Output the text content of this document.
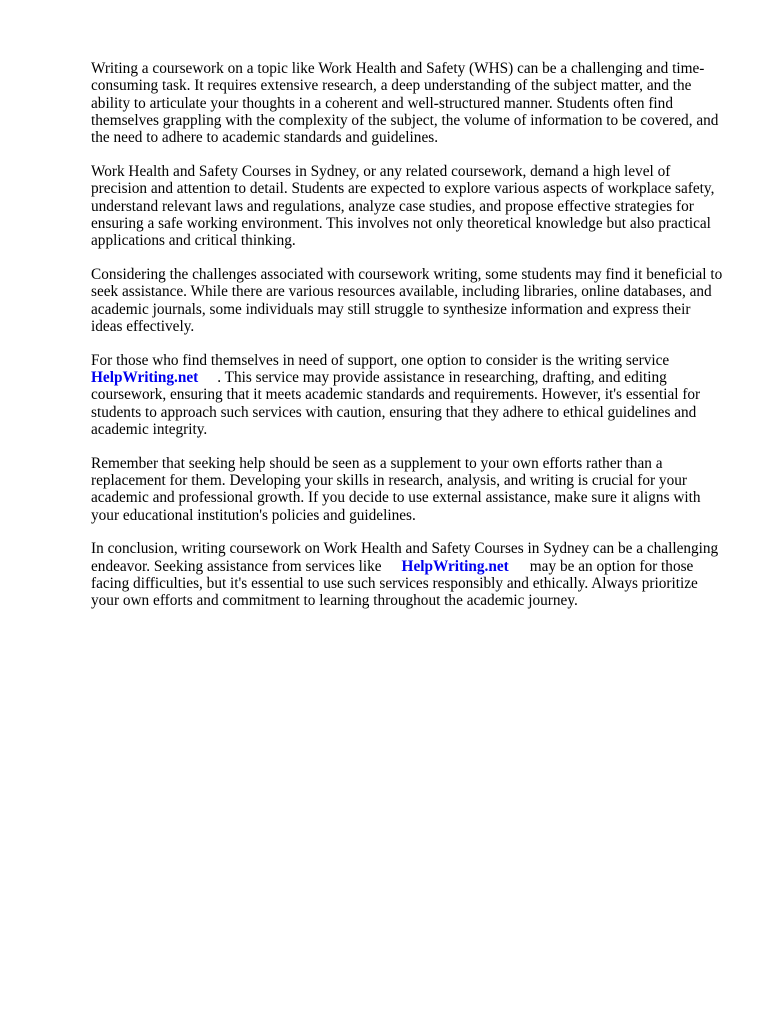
Writing a coursework on a topic like Work Health and Safety (WHS) can be a challenging and time-consuming task. It requires extensive research, a deep understanding of the subject matter, and the ability to articulate your thoughts in a coherent and well-structured manner. Students often find themselves grappling with the complexity of the subject, the volume of information to be covered, and the need to adhere to academic standards and guidelines.

Work Health and Safety Courses in Sydney, or any related coursework, demand a high level of precision and attention to detail. Students are expected to explore various aspects of workplace safety, understand relevant laws and regulations, analyze case studies, and propose effective strategies for ensuring a safe working environment. This involves not only theoretical knowledge but also practical applications and critical thinking.

Considering the challenges associated with coursework writing, some students may find it beneficial to seek assistance. While there are various resources available, including libraries, online databases, and academic journals, some individuals may still struggle to synthesize information and express their ideas effectively.

For those who find themselves in need of support, one option to consider is the writing service
HelpWriting.net . This service may provide assistance in researching, drafting, and editing coursework, ensuring that it meets academic standards and requirements. However, it's essential for students to approach such services with caution, ensuring that they adhere to ethical guidelines and academic integrity.

Remember that seeking help should be seen as a supplement to your own efforts rather than a replacement for them. Developing your skills in research, analysis, and writing is crucial for your academic and professional growth. If you decide to use external assistance, make sure it aligns with your educational institution's policies and guidelines.

In conclusion, writing coursework on Work Health and Safety Courses in Sydney can be a challenging endeavor. Seeking assistance from services like HelpWriting.net may be an option for those facing difficulties, but it's essential to use such services responsibly and ethically. Always prioritize your own efforts and commitment to learning throughout the academic journey.
